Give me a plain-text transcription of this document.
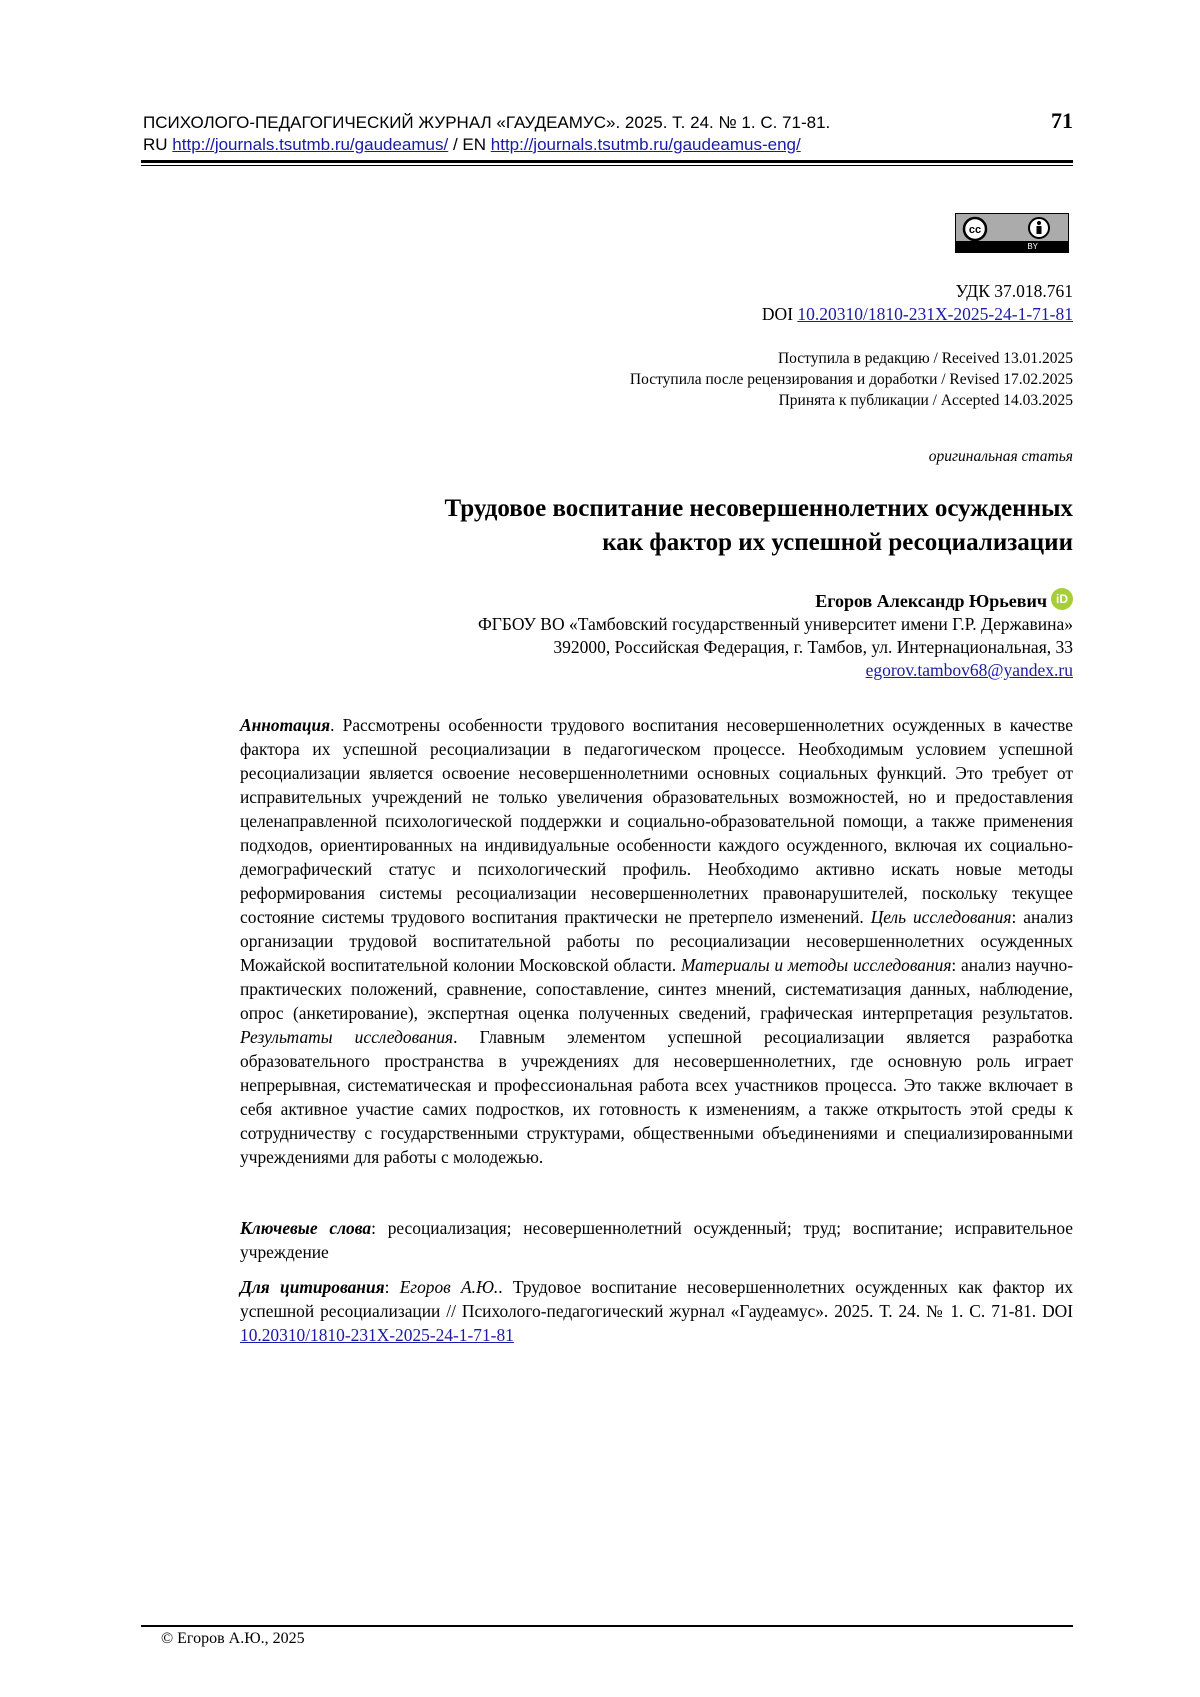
ПСИХОЛОГО-ПЕДАГОГИЧЕСКИЙ ЖУРНАЛ «ГАУДЕАМУС». 2025. Т. 24. № 1. С. 71-81.
RU http://journals.tsutmb.ru/gaudeamus/ / EN http://journals.tsutmb.ru/gaudeamus-eng/
71
cc
BY
УДК 37.018.761
DOI 10.20310/1810-231X-2025-24-1-71-81
Поступила в редакцию / Received 13.01.2025
Поступила после рецензирования и доработки / Revised 17.02.2025
Принята к публикации / Accepted 14.03.2025
оригинальная статья
Трудовое воспитание несовершеннолетних осужденных
как фактор их успешной ресоциализации
Егоров Александр Юрьевич iD
ФГБОУ ВО «Тамбовский государственный университет имени Г.Р. Державина»
392000, Российская Федерация, г. Тамбов, ул. Интернациональная, 33
egorov.tambov68@yandex.ru

Аннотация. Рассмотрены особенности трудового воспитания несовершеннолетних осужденных в качестве фактора их успешной ресоциализации в педагогическом процессе. Необходимым условием успешной ресоциализации является освоение несовершеннолетними основных социальных функций. Это требует от исправительных учреждений не только увеличения образовательных возможностей, но и предоставления целенаправленной психологической поддержки и социально-образовательной помощи, а также применения подходов, ориентированных на индивидуальные особенности каждого осужденного, включая их социально-демографический статус и психологический профиль. Необходимо активно искать новые методы реформирования системы ресоциализации несовершеннолетних правонарушителей, поскольку текущее состояние системы трудового воспитания практически не претерпело изменений. Цель исследования: анализ организации трудовой воспитательной работы по ресоциализации несовершеннолетних осужденных Можайской воспитательной колонии Московской области. Материалы и методы исследования: анализ научно-практических положений, сравнение, сопоставление, синтез мнений, систематизация данных, наблюдение, опрос (анкетирование), экспертная оценка полученных сведений, графическая интерпретация результатов. Результаты исследования. Главным элементом успешной ресоциализации является разработка образовательного пространства в учреждениях для несовершеннолетних, где основную роль играет непрерывная, систематическая и профессиональная работа всех участников процесса. Это также включает в себя активное участие самих подростков, их готовность к изменениям, а также открытость этой среды к сотрудничеству с государственными структурами, общественными объединениями и специализированными учреждениями для работы с молодежью.

Ключевые слова: ресоциализация; несовершеннолетний осужденный; труд; воспитание; исправительное учреждение

Для цитирования: Егоров А.Ю.. Трудовое воспитание несовершеннолетних осужденных как фактор их успешной ресоциализации // Психолого-педагогический журнал «Гаудеамус». 2025. Т. 24. № 1. С. 71-81. DOI 10.20310/1810-231X-2025-24-1-71-81

© Егоров А.Ю., 2025
